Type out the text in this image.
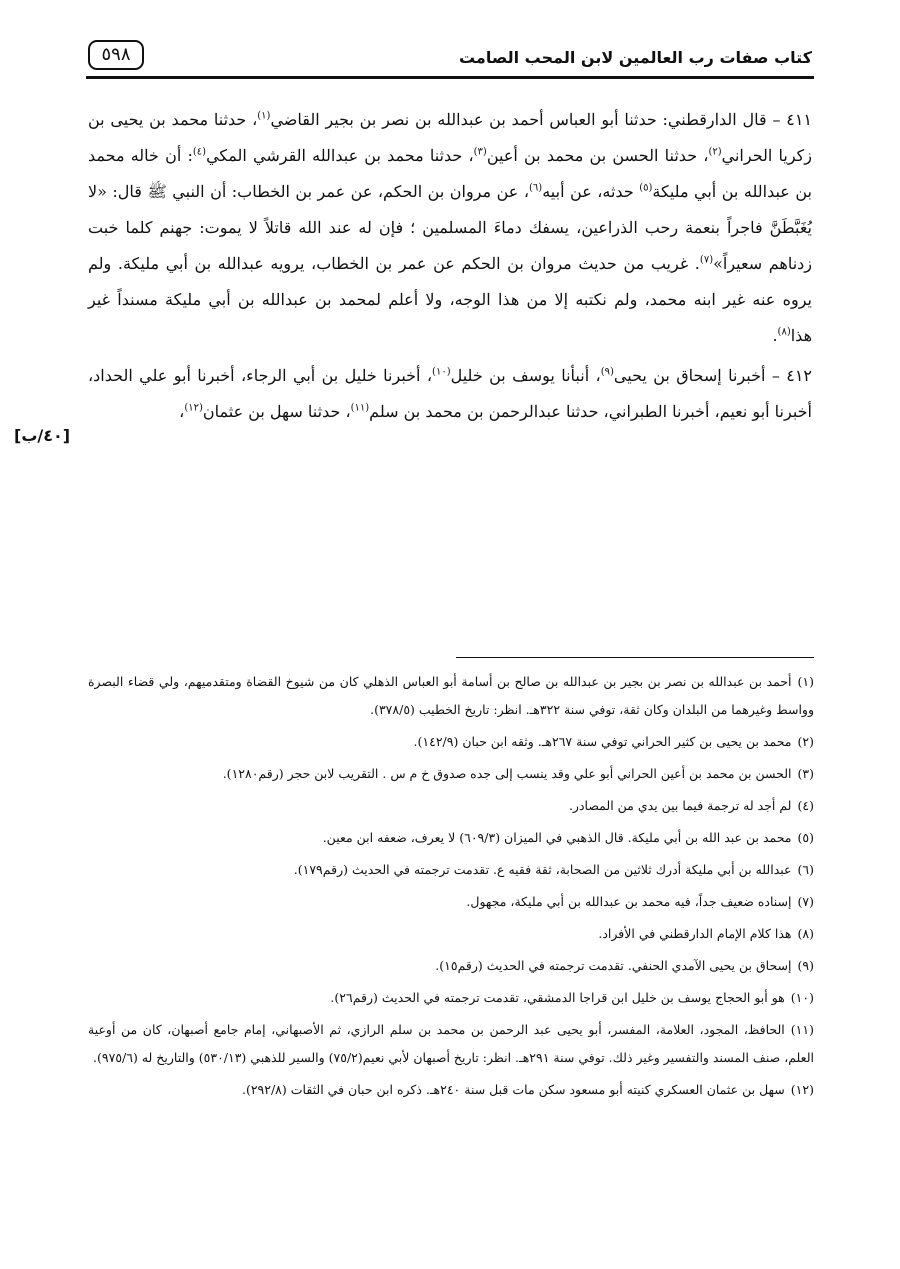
كتاب صفات رب العالمين لابن المحب الصامت
٥٩٨
[٤٠/ب]

٤١١ – قال الدارقطني: حدثنا أبو العباس أحمد بن عبدالله بن نصر بن بجير القاضي$^{(١)}$، حدثنا محمد بن يحيى بن زكريا الحراني$^{(٢)}$، حدثنا الحسن بن محمد بن أعين$^{(٣)}$، حدثنا محمد بن عبدالله القرشي المكي$^{(٤)}$: أن خاله محمد بن عبدالله بن أبي مليكة$^{(٥)}$ حدثه، عن أبيه$^{(٦)}$، عن مروان بن الحكم، عن عمر بن الخطاب: أن النبي ﷺ قال: «لا يُغَبَّطَنَّ فاجراً بنعمة رحب الذراعين، يسفك دماءَ المسلمين ؛ فإن له عند الله قاتلاً لا يموت: جهنم كلما خبت زدناهم سعيراً»$^{(٧)}$. غريب من حديث مروان بن الحكم عن عمر بن الخطاب، يرويه عبدالله بن أبي مليكة. ولم يروه عنه غير ابنه محمد، ولم نكتبه إلا من هذا الوجه، ولا أعلم لمحمد بن عبدالله بن أبي مليكة مسنداً غير هذا$^{(٨)}$.

٤١٢ – أخبرنا إسحاق بن يحيى$^{(٩)}$، أنبأنا يوسف بن خليل$^{(١٠)}$، أخبرنا خليل بن أبي الرجاء، أخبرنا أبو علي الحداد، أخبرنا أبو نعيم، أخبرنا الطبراني، حدثنا عبدالرحمن بن محمد بن سلم$^{(١١)}$، حدثنا سهل بن عثمان$^{(١٢)}$،

(١)أحمد بن عبدالله بن نصر بن بجير بن عبدالله بن صالح بن أسامة أبو العباس الذهلي كان من شيوخ القضاة ومتقدميهم، ولي قضاء البصرة وواسط وغيرهما من البلدان وكان ثقة، توفي سنة ٣٢٢هـ. انظر: تاريخ الخطيب (٣٧٨/٥).

(٢)محمد بن يحيى بن كثير الحراني توفي سنة ٢٦٧هـ. وثقه ابن حبان (١٤٢/٩).

(٣)الحسن بن محمد بن أعين الحراني أبو علي وقد ينسب إلى جده صدوق خ م س . التقريب لابن حجر (رقم١٢٨٠).

(٤)لم أجد له ترجمة فيما بين يدي من المصادر.

(٥)محمد بن عبد الله بن أبي مليكة. قال الذهبي في الميزان (٦٠٩/٣) لا يعرف، ضعفه ابن معين.

(٦)عبدالله بن أبي مليكة أدرك ثلاثين من الصحابة، ثقة فقيه ع. تقدمت ترجمته في الحديث (رقم١٧٩).

(٧)إسناده ضعيف جداً، فيه محمد بن عبدالله بن أبي مليكة، مجهول.

(٨)هذا كلام الإمام الدارقطني في الأفراد.

(٩)إسحاق بن يحيى الآمدي الحنفي. تقدمت ترجمته في الحديث (رقم١٥).

(١٠)هو أبو الحجاج يوسف بن خليل ابن قراجا الدمشقي، تقدمت ترجمته في الحديث (رقم٢٦).

(١١)الحافظ، المجود، العلامة، المفسر، أبو يحيى عبد الرحمن بن محمد بن سلم الرازي، ثم الأصبهاني، إمام جامع أصبهان، كان من أوعية العلم، صنف المسند والتفسير وغير ذلك. توفي سنة ٢٩١هـ. انظر: تاريخ أصبهان لأبي نعيم(٧٥/٢) والسير للذهبي (٥٣٠/١٣) والتاريخ له (٩٧٥/٦).

(١٢)سهل بن عثمان العسكري كنيته أبو مسعود سكن مات قبل سنة ٢٤٠هـ. ذكره ابن حبان في الثقات (٢٩٢/٨).
